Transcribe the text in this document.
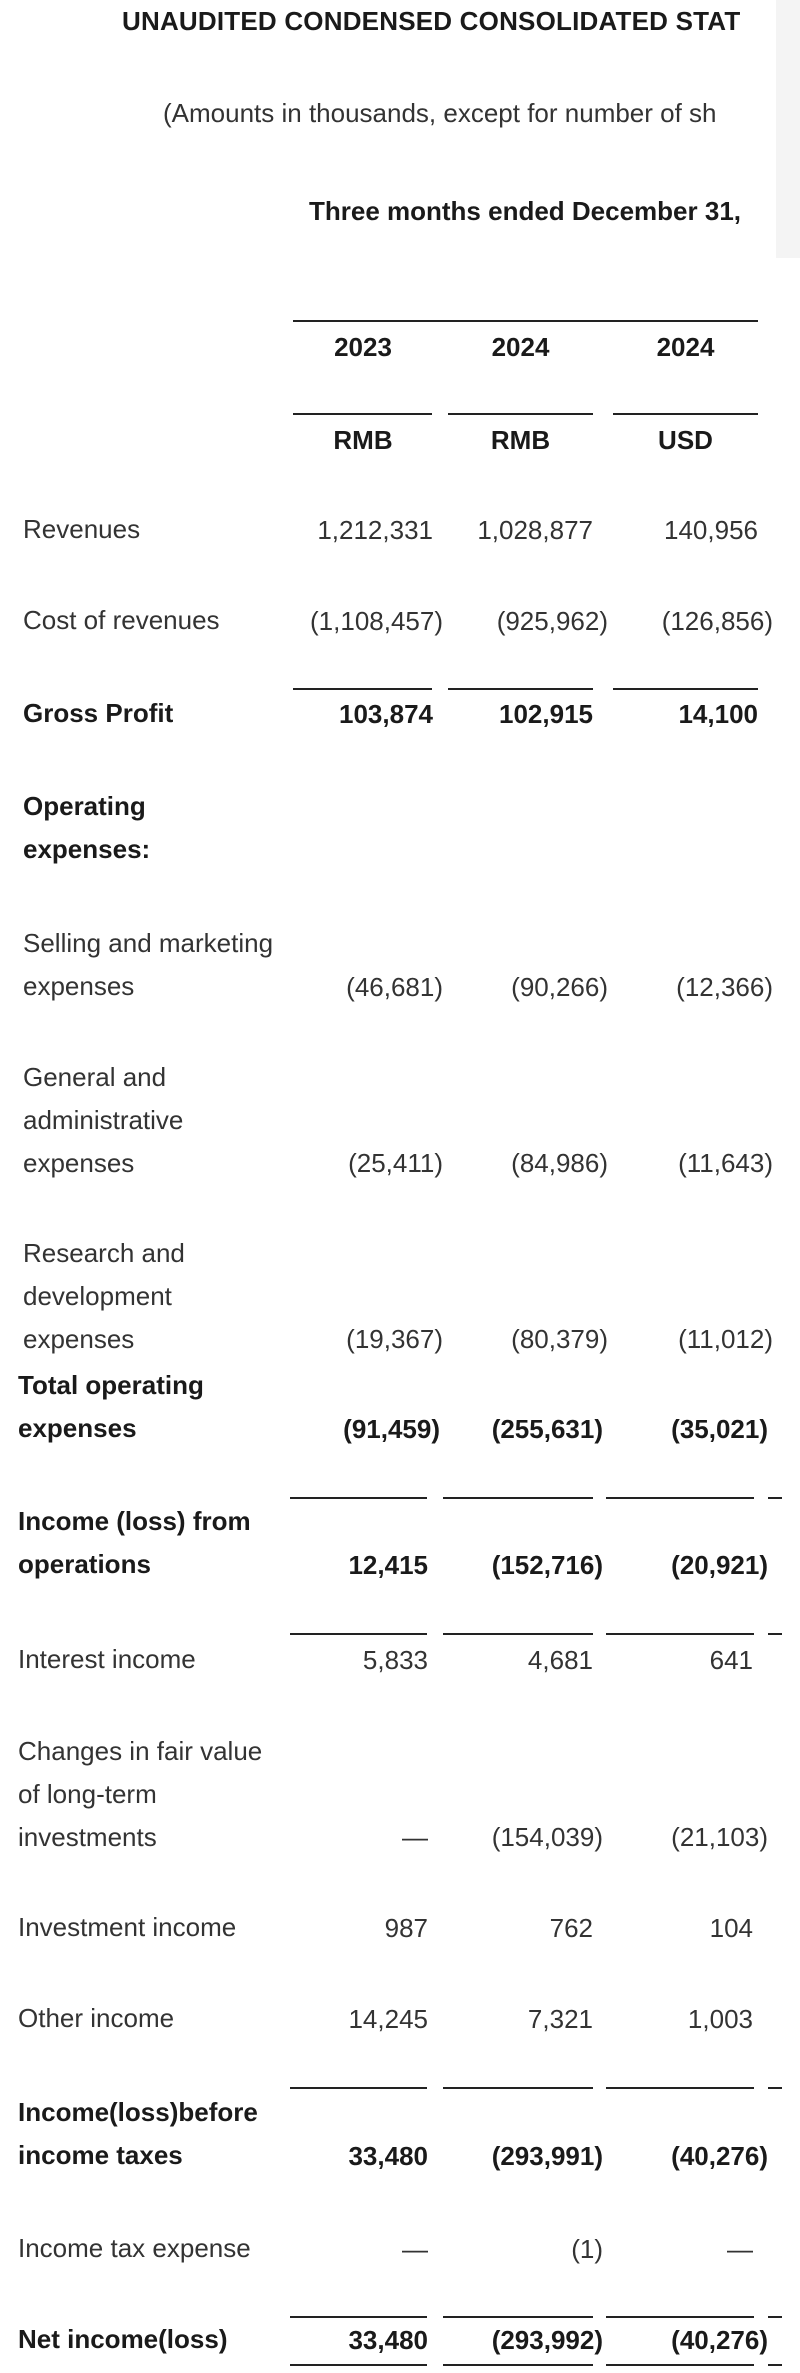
UNAUDITED CONDENSED CONSOLIDATED STAT
(Amounts in thousands, except for number of sh
Three months ended December 31,
2023	2024	2024
RMB	RMB	USD
Revenues	1,212,331	1,028,877	140,956
Cost of revenues	(1,108,457)	(925,962)	(126,856)
Gross Profit	103,874	102,915	14,100
Operating expenses:
Selling and marketing expenses	(46,681)	(90,266)	(12,366)
General and administrative expenses	(25,411)	(84,986)	(11,643)
Research and development expenses	(19,367)	(80,379)	(11,012)
Total operating expenses	(91,459)	(255,631)	(35,021)
Income (loss) from operations	12,415	(152,716)	(20,921)
Interest income	5,833	4,681	641
Changes in fair value of long-term investments	—	(154,039)	(21,103)
Investment income	987	762	104
Other income	14,245	7,321	1,003
Income(loss)before income taxes	33,480	(293,991)	(40,276)
Income tax expense	—	(1)	—
Net income(loss)	33,480	(293,992)	(40,276)
